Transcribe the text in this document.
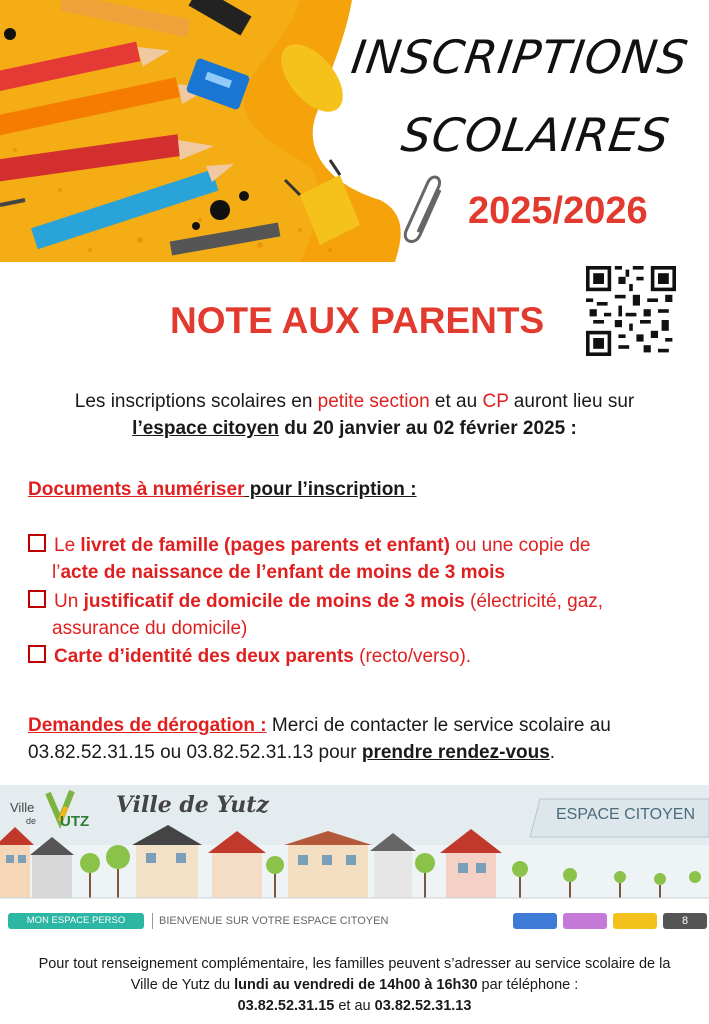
INSCRIPTIONS
SCOLAIRES
2025/2026
NOTE AUX PARENTS
Les inscriptions scolaires en petite section et au CP auront lieu sur
l’espace citoyen du 20 janvier au 02 février 2025 :
Documents à numériser pour l’inscription :
Le livret de famille (pages parents et enfant) ou une copie de
l’acte de naissance de l’enfant de moins de 3 mois
Un justificatif de domicile de moins de 3 mois (électricité, gaz,
assurance du domicile)
Carte d’identité des deux parents (recto/verso).
Demandes de dérogation : Merci de contacter le service scolaire au
03.82.52.31.15 ou 03.82.52.31.13 pour prendre rendez-vous.
Ville
de UTZ
Ville de Yutz	ESPACE CITOYEN
MON ESPACE PERSO	BIENVENUE SUR VOTRE ESPACE CITOYEN	8
Pour tout renseignement complémentaire, les familles peuvent s’adresser au service scolaire de la
Ville de Yutz du lundi au vendredi de 14h00 à 16h30 par téléphone :
03.82.52.31.15 et au 03.82.52.31.13
